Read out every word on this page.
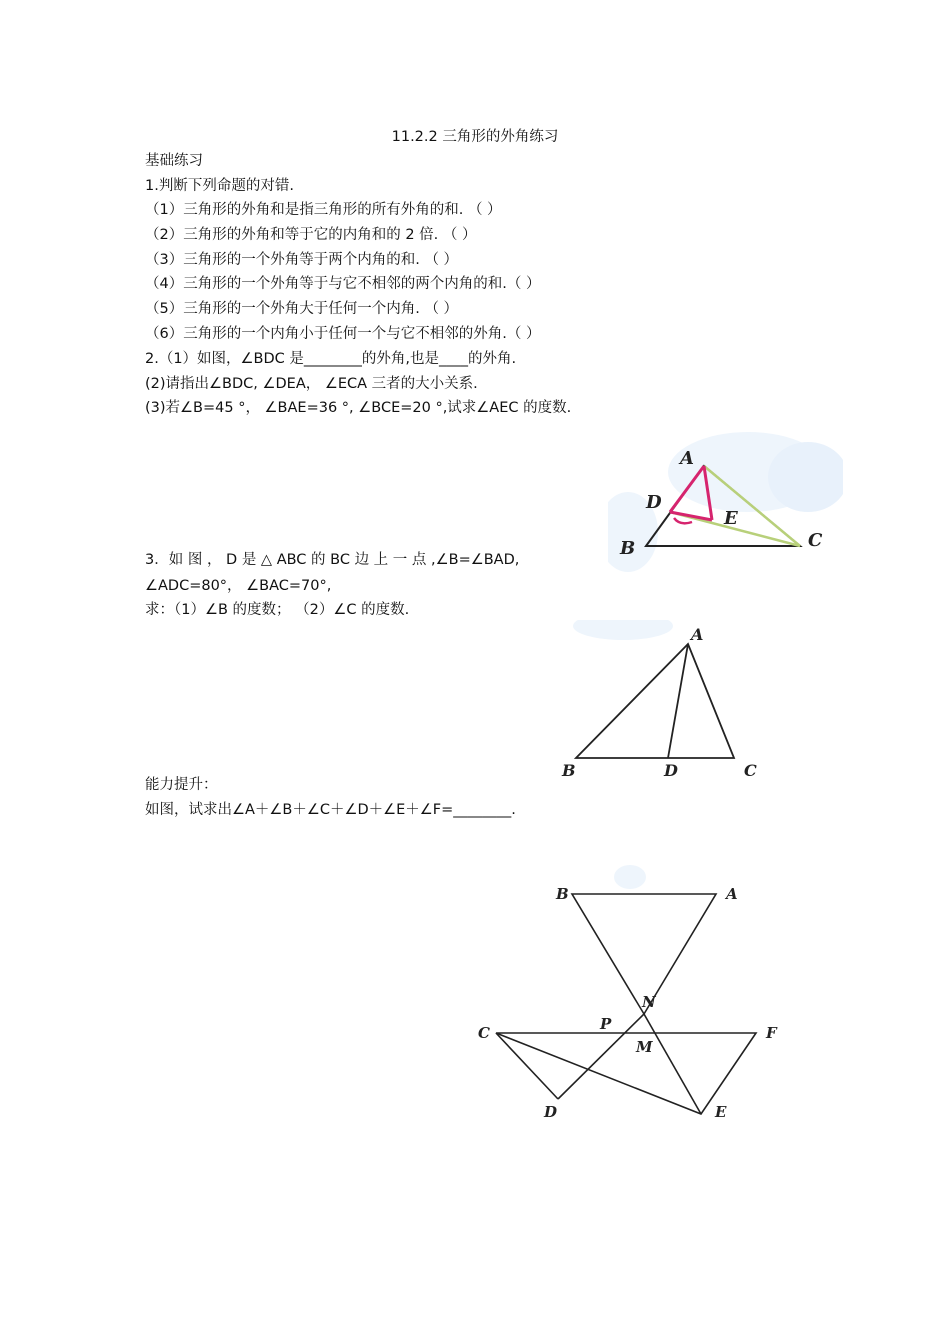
11.2.2 三角形的外角练习
基础练习
1.判断下列命题的对错.
（1）三角形的外角和是指三角形的所有外角的和. （ ）
（2）三角形的外角和等于它的内角和的 2 倍. （ ）
（3）三角形的一个外角等于两个内角的和. （ ）
（4）三角形的一个外角等于与它不相邻的两个内角的和.（ ）
（5）三角形的一个外角大于任何一个内角. （ ）
（6）三角形的一个内角小于任何一个与它不相邻的外角.（ ）
2.（1）如图，∠BDC 是________的外角,也是____的外角.
(2)请指出∠BDC, ∠DEA， ∠ECA 三者的大小关系.
(3)若∠B=45 °， ∠BAE=36 °, ∠BCE=20 °,试求∠AEC 的度数.
A
D
E
B	C
3．如 图 ， D 是 △ ABC 的 BC 边 上 一 点 ,∠B=∠BAD,
∠ADC=80°， ∠BAC=70°,
求：（1）∠B 的度数； （2）∠C 的度数.
A
B	D	C
能力提升：
如图，试求出∠A＋∠B＋∠C＋∠D＋∠E＋∠F=________.
B	A
N
P
C	F
M
D	E
